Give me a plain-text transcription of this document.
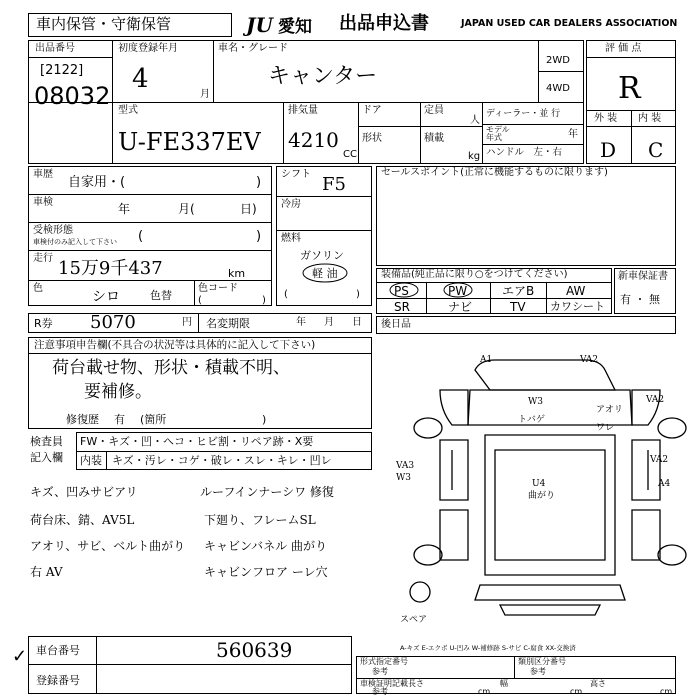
車内保管・守衛保管	JU 愛知 出品申込書	JAPAN USED CAR DEALERS ASSOCIATION
出品番号
[2122]
08032
初度登録年月
4
月
車名・グレード
キャンター
2WD
4WD
型式
U-FE337EV
排気量
4210
CC
ドア
形状
定員
人
積載
kg
ディーラー・並 行
モデル
年式	年
ハンドル　左・右
評 価 点
R
外 装 内 装
D C
車歴
自家用・(	)
車検	年	月(	日)
受検形態
車検付のみ記入して下さい (	)
走行 15万9千437	km
色
シロ	色替
色コード
(	)
シフト F5
冷房
燃料
ガソリン
軽 油
(	)
セールスポイント(正常に機能するものに限ります)
装備品(純正品に限り○をつけてください)
PS	PW	エアB	AW
SR	ナビ	TV カワシート
新車保証書
有 ・ 無
R券 5070	円 名変期限	年 月 日 後日品
注意事項申告欄(不具合の状況等は具体的に記入して下さい)
荷台載せ物、形状・積載不明、
要補修。
修復歴 有 (箇所	)
検査員
記入欄
FW・キズ・凹・ヘコ・ヒビ割・リペア跡・X要
内装 キズ・汚レ・コゲ・破レ・スレ・キレ・凹レ
キズ、凹みサビアリ
荷台床、錆、AV5L
アオリ、サビ、ベルト曲がり
右 AV
ルーフインナーシワ 修復
下廻り、フレームSL
キャビンバネル 曲がり
キャビンフロア ーレ穴
A1	VA2
W3
トバゲ
アオリ
ワレ
VA2
VA2
VA3
W3
A4
U4
曲がり
スペア
A-キズ E-エクボ U-凹み W-補修跡 S-サビ C-腐食 XX-交換済
車台番号	560639
登録番号
✓	形式指定番号
参考
類別区分番号
参考
車検証明記載
参考
長さ
cm
幅
cm
高さ
cm
